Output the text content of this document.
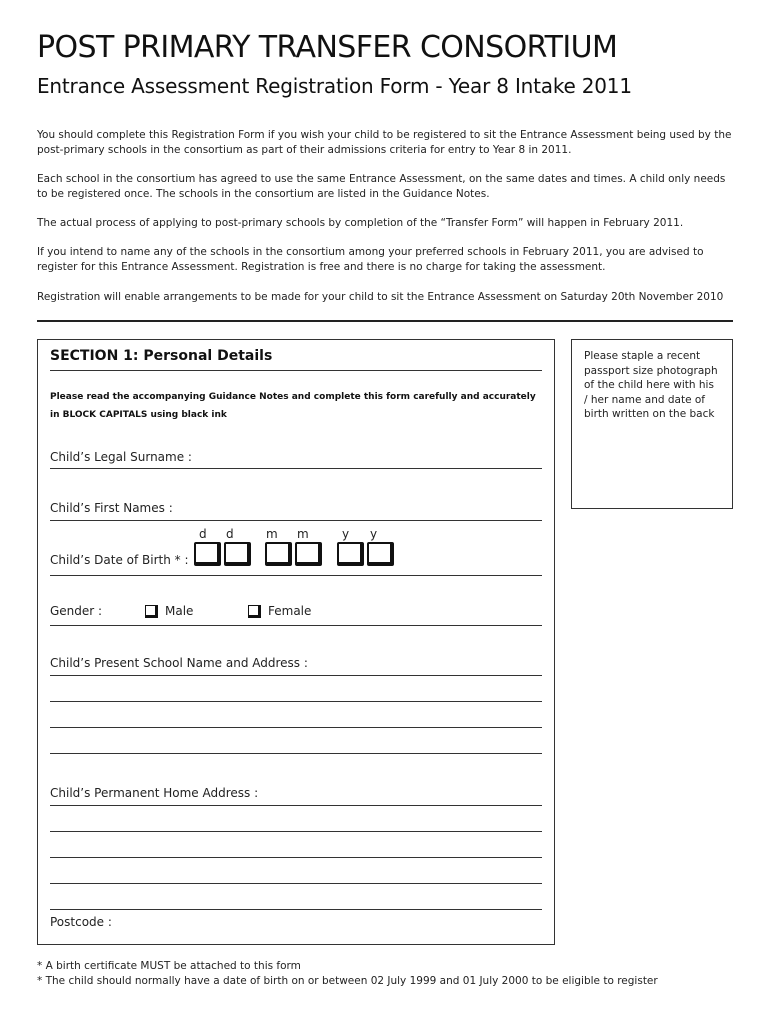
POST PRIMARY TRANSFER CONSORTIUM
Entrance Assessment Registration Form - Year 8 Intake 2011

You should complete this Registration Form if you wish your child to be registered to sit the Entrance Assessment being used by the post-primary schools in the consortium as part of their admissions criteria for entry to Year 8 in 2011.

Each school in the consortium has agreed to use the same Entrance Assessment, on the same dates and times. A child only needs to be registered once. The schools in the consortium are listed in the Guidance Notes.

The actual process of applying to post-primary schools by completion of the “Transfer Form” will happen in February 2011.

If you intend to name any of the schools in the consortium among your preferred schools in February 2011, you are advised to register for this Entrance Assessment. Registration is free and there is no charge for taking the assessment.

Registration will enable arrangements to be made for your child to sit the Entrance Assessment on Saturday 20th November 2010

Please staple a recent passport size photograph of the child here with his / her name and date of birth written on the back
SECTION 1: Personal Details

Please read the accompanying Guidance Notes and complete this form carefully and accurately in BLOCK CAPITALS using black ink

Child’s Legal Surname :
Child’s First Names :
d d	m m	y y
Child’s Date of Birth * :
Gender :	Male	Female
Child’s Present School Name and Address :
Child’s Permanent Home Address :
Postcode :

* A birth certificate MUST be attached to this form

* The child should normally have a date of birth on or between 02 July 1999 and 01 July 2000 to be eligible to register
